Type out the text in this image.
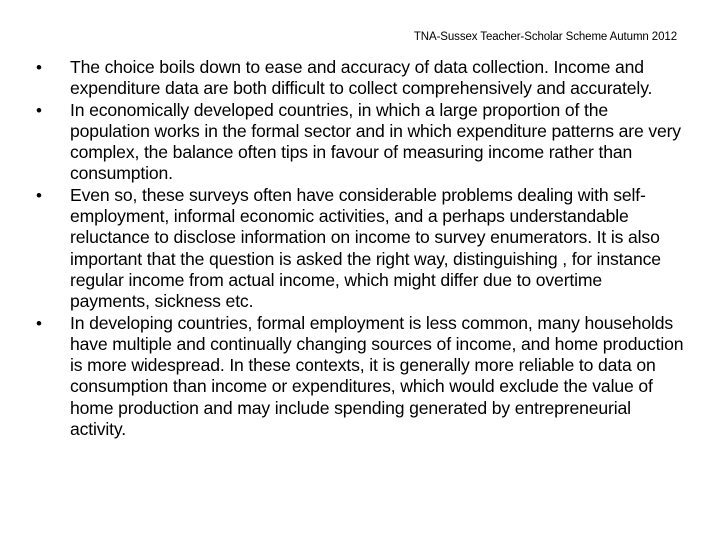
TNA-Sussex Teacher-Scholar Scheme Autumn 2012
• The choice boils down to ease and accuracy of data collection. Income and expenditure data are both difficult to collect comprehensively and accurately.
• In economically developed countries, in which a large proportion of the population works in the formal sector and in which expenditure patterns are very complex, the balance often tips in favour of measuring income rather than consumption.
• Even so, these surveys often have considerable problems dealing with self-employment, informal economic activities, and a perhaps understandable reluctance to disclose information on income to survey enumerators. It is also important that the question is asked the right way, distinguishing , for instance regular income from actual income, which might differ due to overtime payments, sickness etc.
• In developing countries, formal employment is less common, many households have multiple and continually changing sources of income, and home production is more widespread. In these contexts, it is generally more reliable to data on consumption than income or expenditures, which would exclude the value of home production and may include spending generated by entrepreneurial activity.
